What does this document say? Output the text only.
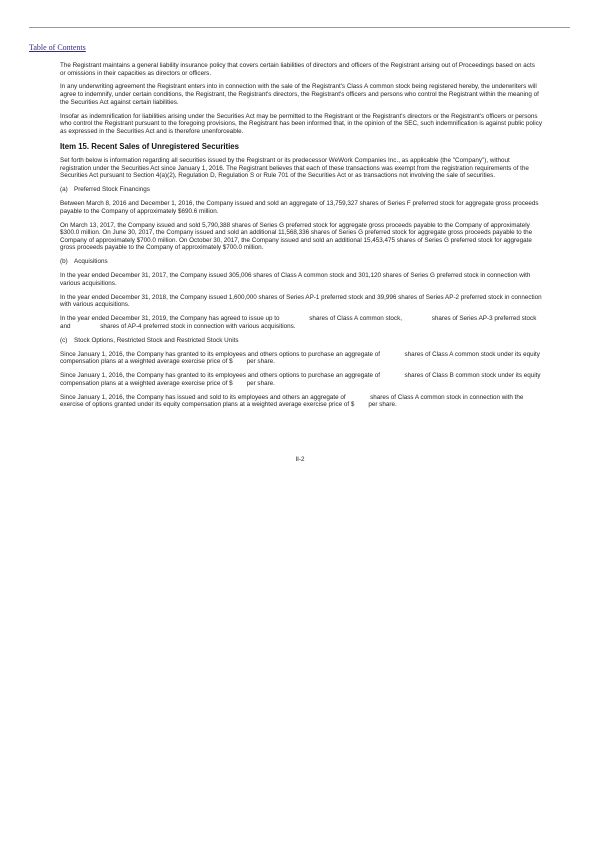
Table of Contents

The Registrant maintains a general liability insurance policy that covers certain liabilities of directors and officers of the Registrant arising out of Proceedings based on acts or omissions in their capacities as directors or officers.

In any underwriting agreement the Registrant enters into in connection with the sale of the Registrant's Class A common stock being registered hereby, the underwriters will agree to indemnify, under certain conditions, the Registrant, the Registrant's directors, the Registrant's officers and persons who control the Registrant within the meaning of the Securities Act against certain liabilities.

Insofar as indemnification for liabilities arising under the Securities Act may be permitted to the Registrant or the Registrant's directors or the Registrant's officers or persons who control the Registrant pursuant to the foregoing provisions, the Registrant has been informed that, in the opinion of the SEC, such indemnification is against public policy as expressed in the Securities Act and is therefore unenforceable.

Item 15. Recent Sales of Unregistered Securities

Set forth below is information regarding all securities issued by the Registrant or its predecessor WeWork Companies Inc., as applicable (the "Company"), without registration under the Securities Act since January 1, 2016. The Registrant believes that each of these transactions was exempt from the registration requirements of the Securities Act pursuant to Section 4(a)(2), Regulation D, Regulation S or Rule 701 of the Securities Act or as transactions not involving the sale of securities.

(a) Preferred Stock Financings

Between March 8, 2016 and December 1, 2016, the Company issued and sold an aggregate of 13,759,327 shares of Series F preferred stock for aggregate gross proceeds payable to the Company of approximately $690.6 million.

On March 13, 2017, the Company issued and sold 5,790,388 shares of Series G preferred stock for aggregate gross proceeds payable to the Company of approximately $300.0 million. On June 30, 2017, the Company issued and sold an additional 11,568,336 shares of Series G preferred stock for aggregate gross proceeds payable to the Company of approximately $700.0 million. On October 30, 2017, the Company issued and sold an additional 15,453,475 shares of Series G preferred stock for aggregate gross proceeds payable to the Company of approximately $700.0 million.

(b) Acquisitions

In the year ended December 31, 2017, the Company issued 305,006 shares of Class A common stock and 301,120 shares of Series G preferred stock in connection with various acquisitions.

In the year ended December 31, 2018, the Company issued 1,600,000 shares of Series AP-1 preferred stock and 39,996 shares of Series AP-2 preferred stock in connection with various acquisitions.

In the year ended December 31, 2019, the Company has agreed to issue up to                 shares of Class A common stock,                 shares of Series AP-3 preferred stock and                 shares of AP-4 preferred stock in connection with various acquisitions.

(c)	Stock Options, Restricted Stock and Restricted Stock Units

Since January 1, 2016, the Company has granted to its employees and others options to purchase an aggregate of              shares of Class A common stock under its equity compensation plans at a weighted average exercise price of $        per share.

Since January 1, 2016, the Company has granted to its employees and others options to purchase an aggregate of              shares of Class B common stock under its equity compensation plans at a weighted average exercise price of $        per share.

Since January 1, 2016, the Company has issued and sold to its employees and others an aggregate of              shares of Class A common stock in connection with the exercise of options granted under its equity compensation plans at a weighted average exercise price of $        per share.

II-2
